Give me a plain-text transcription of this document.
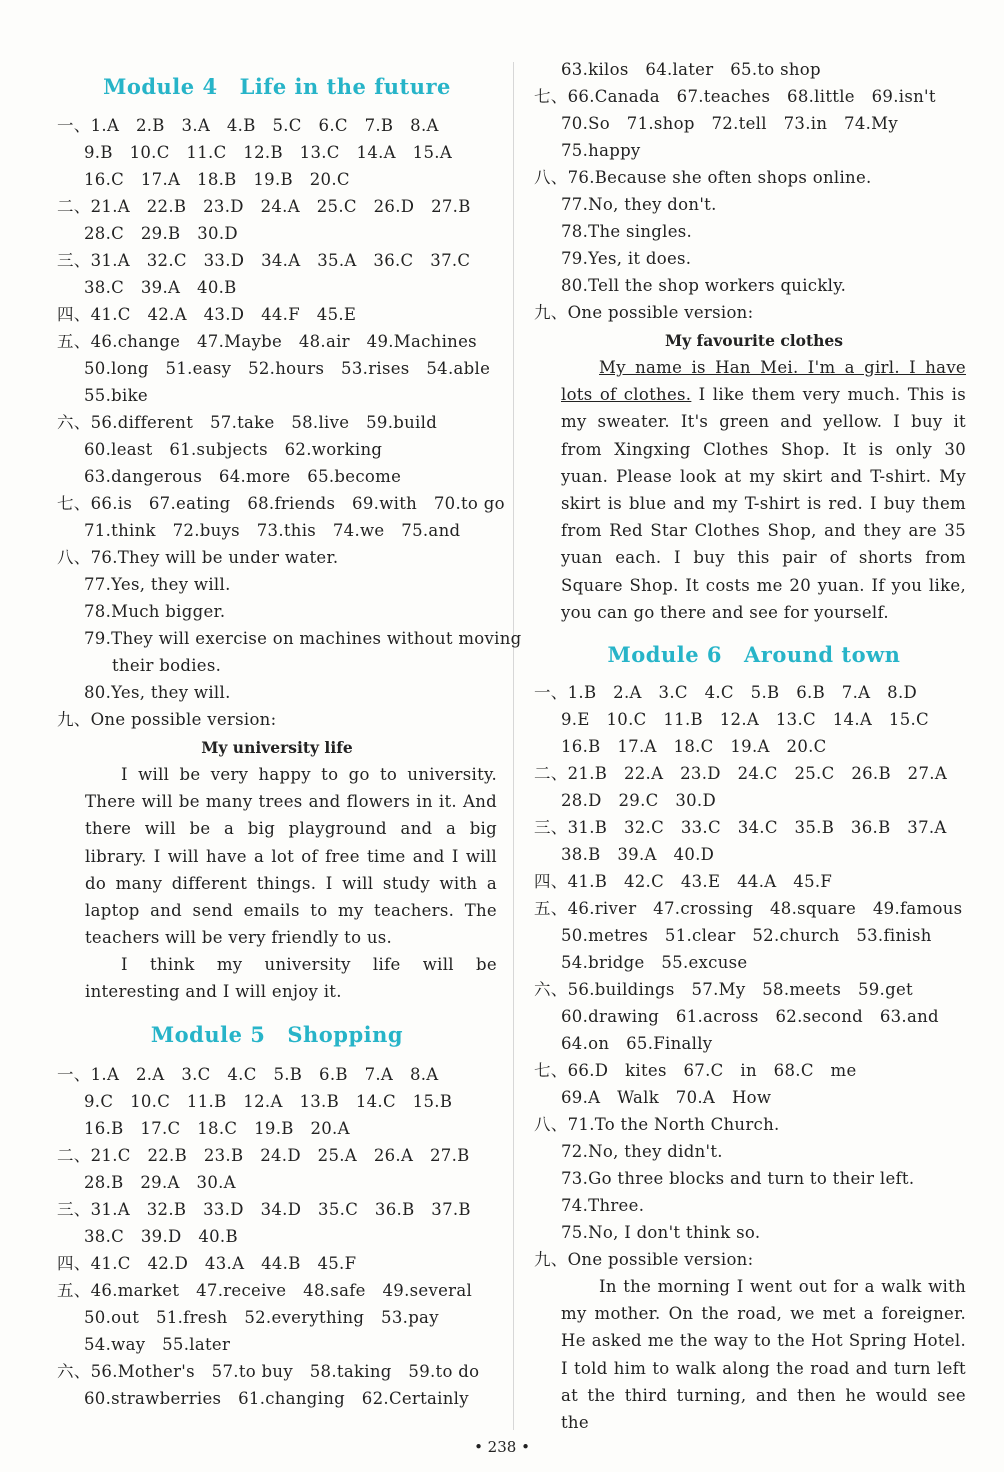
Module 4 Life in the future
一、1.A　2.B　3.A　4.B　5.C　6.C　7.B　8.A
9.B　10.C　11.C　12.B　13.C　14.A　15.A
16.C　17.A　18.B　19.B　20.C
二、21.A　22.B　23.D　24.A　25.C　26.D　27.B
28.C　29.B　30.D
三、31.A　32.C　33.D　34.A　35.A　36.C　37.C
38.C　39.A　40.B
四、41.C　42.A　43.D　44.F　45.E
五、46.change　47.Maybe　48.air　49.Machines
50.long　51.easy　52.hours　53.rises　54.able
55.bike
六、56.different　57.take　58.live　59.build
60.least　61.subjects　62.working
63.dangerous　64.more　65.become
七、66.is　67.eating　68.friends　69.with　70.to go
71.think　72.buys　73.this　74.we　75.and
八、76.They will be under water.
77.Yes, they will.
78.Much bigger.
79.They will exercise on machines without moving
their bodies.
80.Yes, they will.
九、One possible version:
My university life
I will be very happy to go to university. There will be many trees and flowers in it. And there will be a big playground and a big library. I will have a lot of free time and I will do many different things. I will study with a laptop and send emails to my teachers. The teachers will be very friendly to us.
I think my university life will be interesting and I will enjoy it.
Module 5 Shopping
一、1.A　2.A　3.C　4.C　5.B　6.B　7.A　8.A
9.C　10.C　11.B　12.A　13.B　14.C　15.B
16.B　17.C　18.C　19.B　20.A
二、21.C　22.B　23.B　24.D　25.A　26.A　27.B
28.B　29.A　30.A
三、31.A　32.B　33.D　34.D　35.C　36.B　37.B
38.C　39.D　40.B
四、41.C　42.D　43.A　44.B　45.F
五、46.market　47.receive　48.safe　49.several
50.out　51.fresh　52.everything　53.pay
54.way　55.later
六、56.Mother's　57.to buy　58.taking　59.to do
60.strawberries　61.changing　62.Certainly
63.kilos　64.later　65.to shop
七、66.Canada　67.teaches　68.little　69.isn't
70.So　71.shop　72.tell　73.in　74.My
75.happy
八、76.Because she often shops online.
77.No, they don't.
78.The singles.
79.Yes, it does.
80.Tell the shop workers quickly.
九、One possible version:
My favourite clothes
My name is Han Mei. I'm a girl. I have lots of clothes. I like them very much. This is my sweater. It's green and yellow. I buy it from Xingxing Clothes Shop. It is only 30 yuan. Please look at my skirt and T-shirt. My skirt is blue and my T-shirt is red. I buy them from Red Star Clothes Shop, and they are 35 yuan each. I buy this pair of shorts from Square Shop. It costs me 20 yuan. If you like, you can go there and see for yourself.
Module 6 Around town
一、1.B　2.A　3.C　4.C　5.B　6.B　7.A　8.D
9.E　10.C　11.B　12.A　13.C　14.A　15.C
16.B　17.A　18.C　19.A　20.C
二、21.B　22.A　23.D　24.C　25.C　26.B　27.A
28.D　29.C　30.D
三、31.B　32.C　33.C　34.C　35.B　36.B　37.A
38.B　39.A　40.D
四、41.B　42.C　43.E　44.A　45.F
五、46.river　47.crossing　48.square　49.famous
50.metres　51.clear　52.church　53.finish
54.bridge　55.excuse
六、56.buildings　57.My　58.meets　59.get
60.drawing　61.across　62.second　63.and
64.on　65.Finally
七、66.D　kites　67.C　in　68.C　me
69.A　Walk　70.A　How
八、71.To the North Church.
72.No, they didn't.
73.Go three blocks and turn to their left.
74.Three.
75.No, I don't think so.
九、One possible version:
In the morning I went out for a walk with my mother. On the road, we met a foreigner. He asked me the way to the Hot Spring Hotel. I told him to walk along the road and turn left at the third turning, and then he would see the
• 238 •
